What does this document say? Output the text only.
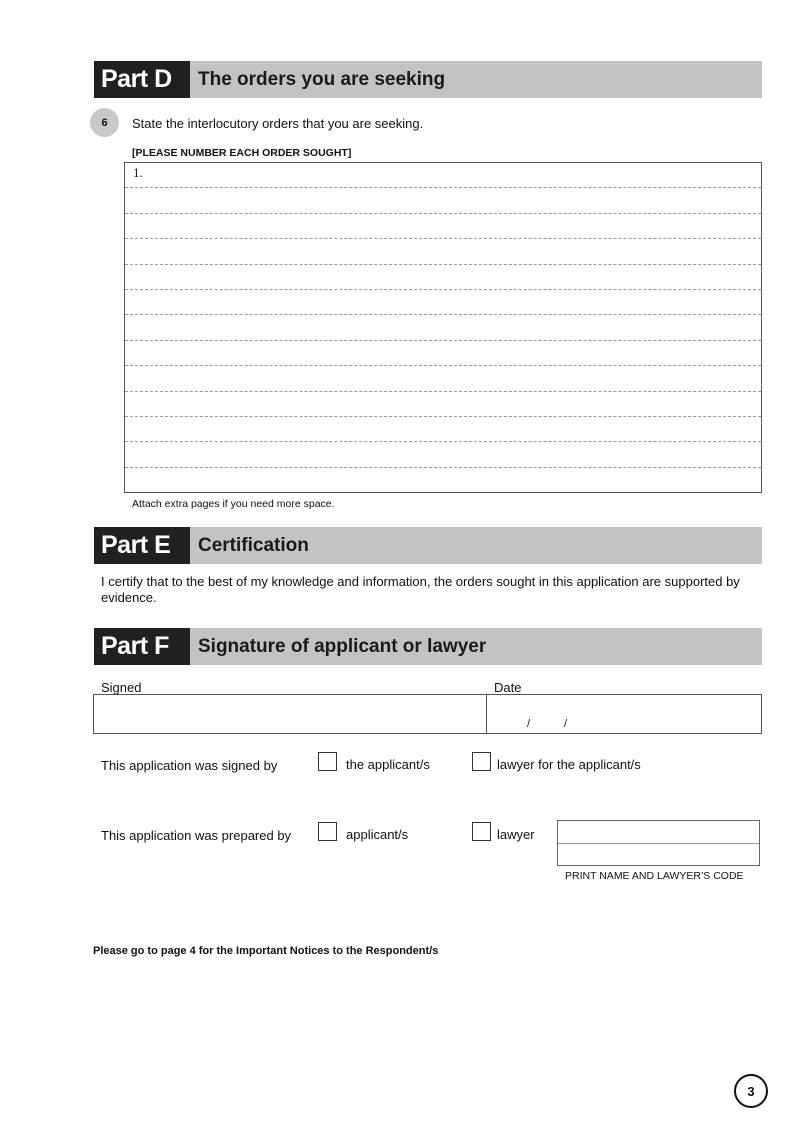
Part D	The orders you are seeking
6	State the interlocutory orders that you are seeking.
[PLEASE NUMBER EACH ORDER SOUGHT]
1.
Attach extra pages if you need more space.
Part E	Certification
I certify that to the best of my knowledge and information, the orders sought in this application are supported by evidence.
Part F	Signature of applicant or lawyer
Signed	Date
/	/
This application was signed by	the applicant/s	lawyer for the applicant/s
This application was prepared by	applicant/s	lawyer
PRINT NAME AND LAWYER’S CODE
Please go to page 4 for the Important Notices to the Respondent/s
3
